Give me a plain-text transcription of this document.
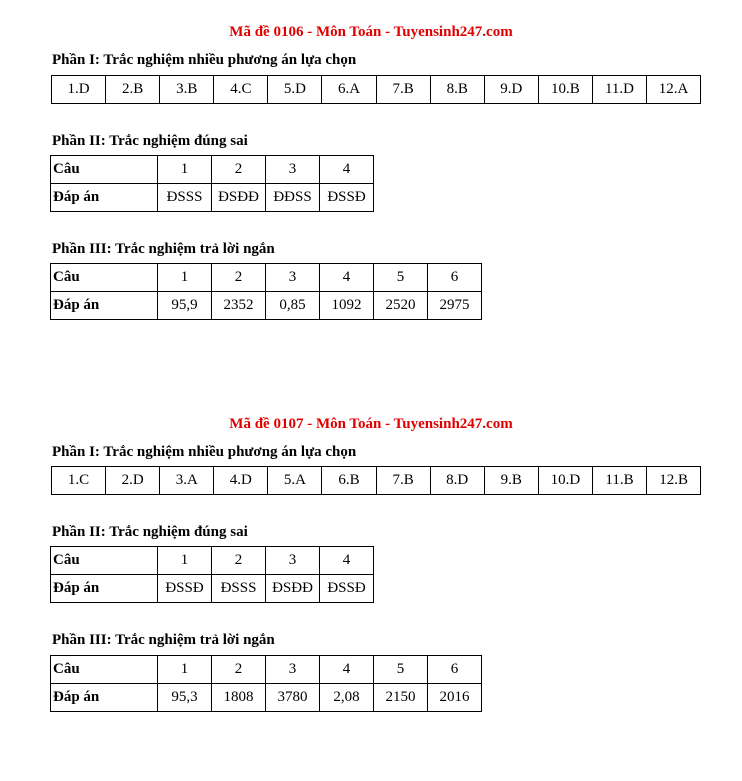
Mã đề 0106 - Môn Toán - Tuyensinh247.com
Phần I: Trắc nghiệm nhiều phương án lựa chọn
1.D	2.B	3.B	4.C	5.D	6.A	7.B	8.B	9.D	10.B	11.D	12.A
Phần II: Trắc nghiệm đúng sai
Câu	1	2	3	4
Đáp án	ĐSSS	ĐSĐĐ	ĐĐSS	ĐSSĐ
Phần III: Trắc nghiệm trả lời ngắn
Câu	1	2	3	4	5	6
Đáp án	95,9	2352	0,85	1092	2520	2975
Mã đề 0107 - Môn Toán - Tuyensinh247.com
Phần I: Trắc nghiệm nhiều phương án lựa chọn
1.C	2.D	3.A	4.D	5.A	6.B	7.B	8.D	9.B	10.D	11.B	12.B
Phần II: Trắc nghiệm đúng sai
Câu	1	2	3	4
Đáp án	ĐSSĐ	ĐSSS	ĐSĐĐ	ĐSSĐ
Phần III: Trắc nghiệm trả lời ngắn
Câu	1	2	3	4	5	6
Đáp án	95,3	1808	3780	2,08	2150	2016
